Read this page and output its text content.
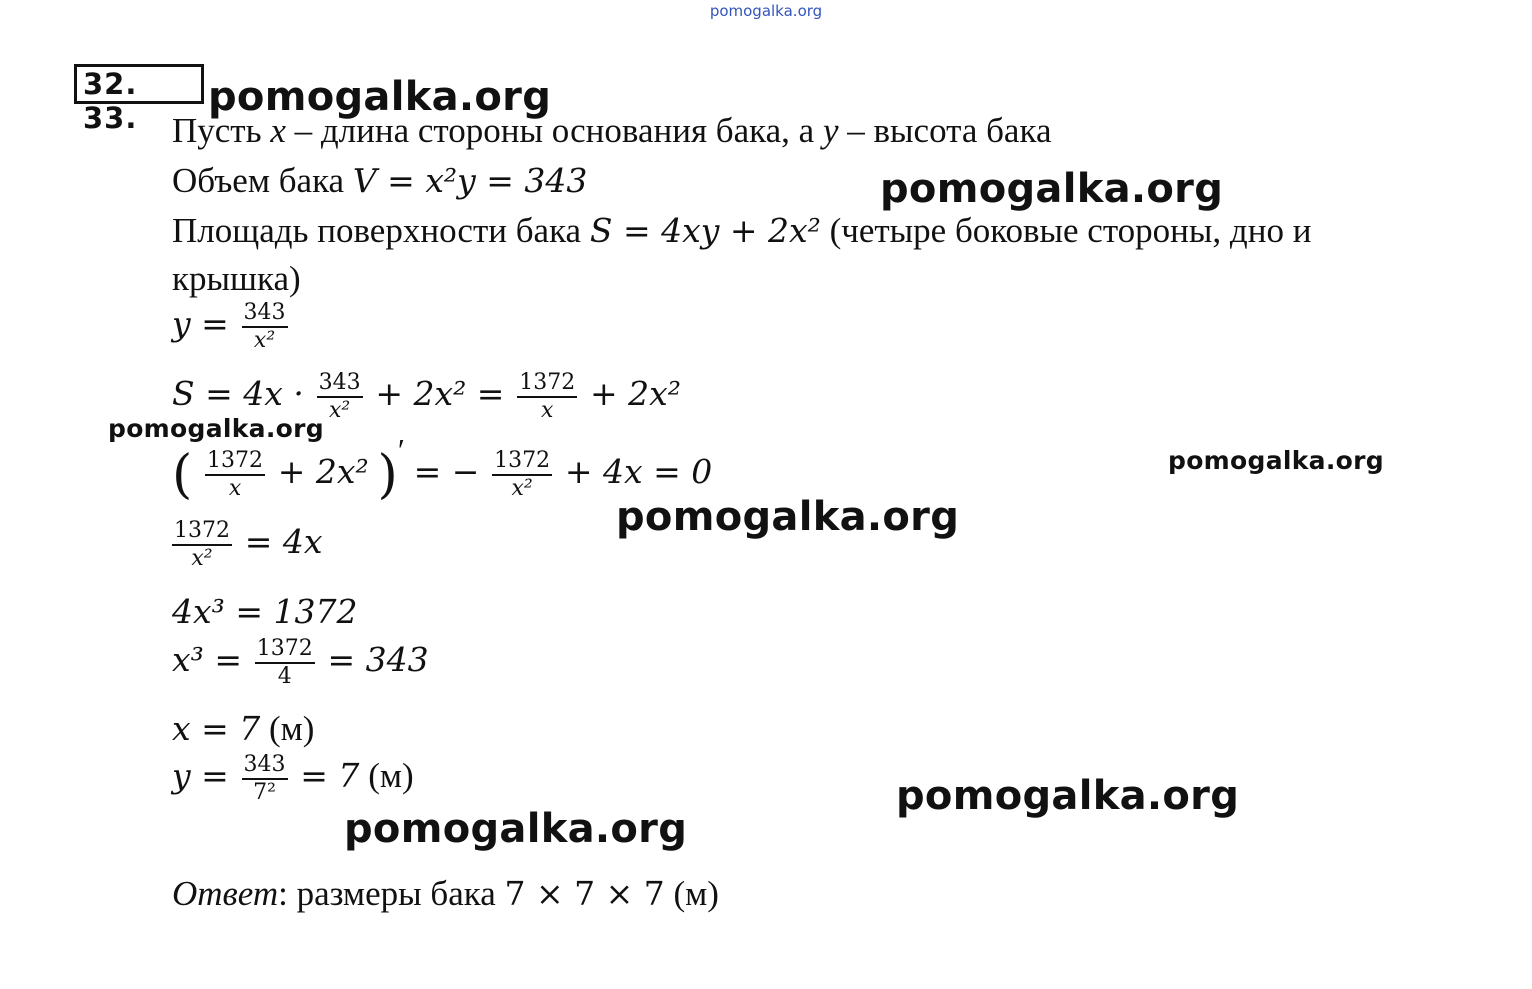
pomogalka.org
32. 33.	pomogalka.org
pomogalka.org
pomogalka.org
pomogalka.org
pomogalka.org
pomogalka.org
pomogalka.org
Пусть x – длина стороны основания бака, а y – высота бака
Объем бака V = x²y = 343
Площадь поверхности бака S = 4xy + 2x² (четыре боковые стороны, дно и
крышка)
$y = \frac{343}{\text{x²}}$
$S = 4x \cdot \frac{343}{\text{x²}} + 2x^2 = \frac{1372}{x} + 2x^2$
( $\frac{1372}{x} + 2x^2$ )′ = − $\frac{1372}{\text{x²}} + 4x = 0$
$\frac{1372}{\text{x²}} = 4x$
4x³ = 1372
$x^3 = \frac{1372}{4} = 343$
x = 7 (м)
$y = \frac{343}{\text{7²}} = 7$ (м)
Ответ: размеры бака 7 × 7 × 7 (м)
